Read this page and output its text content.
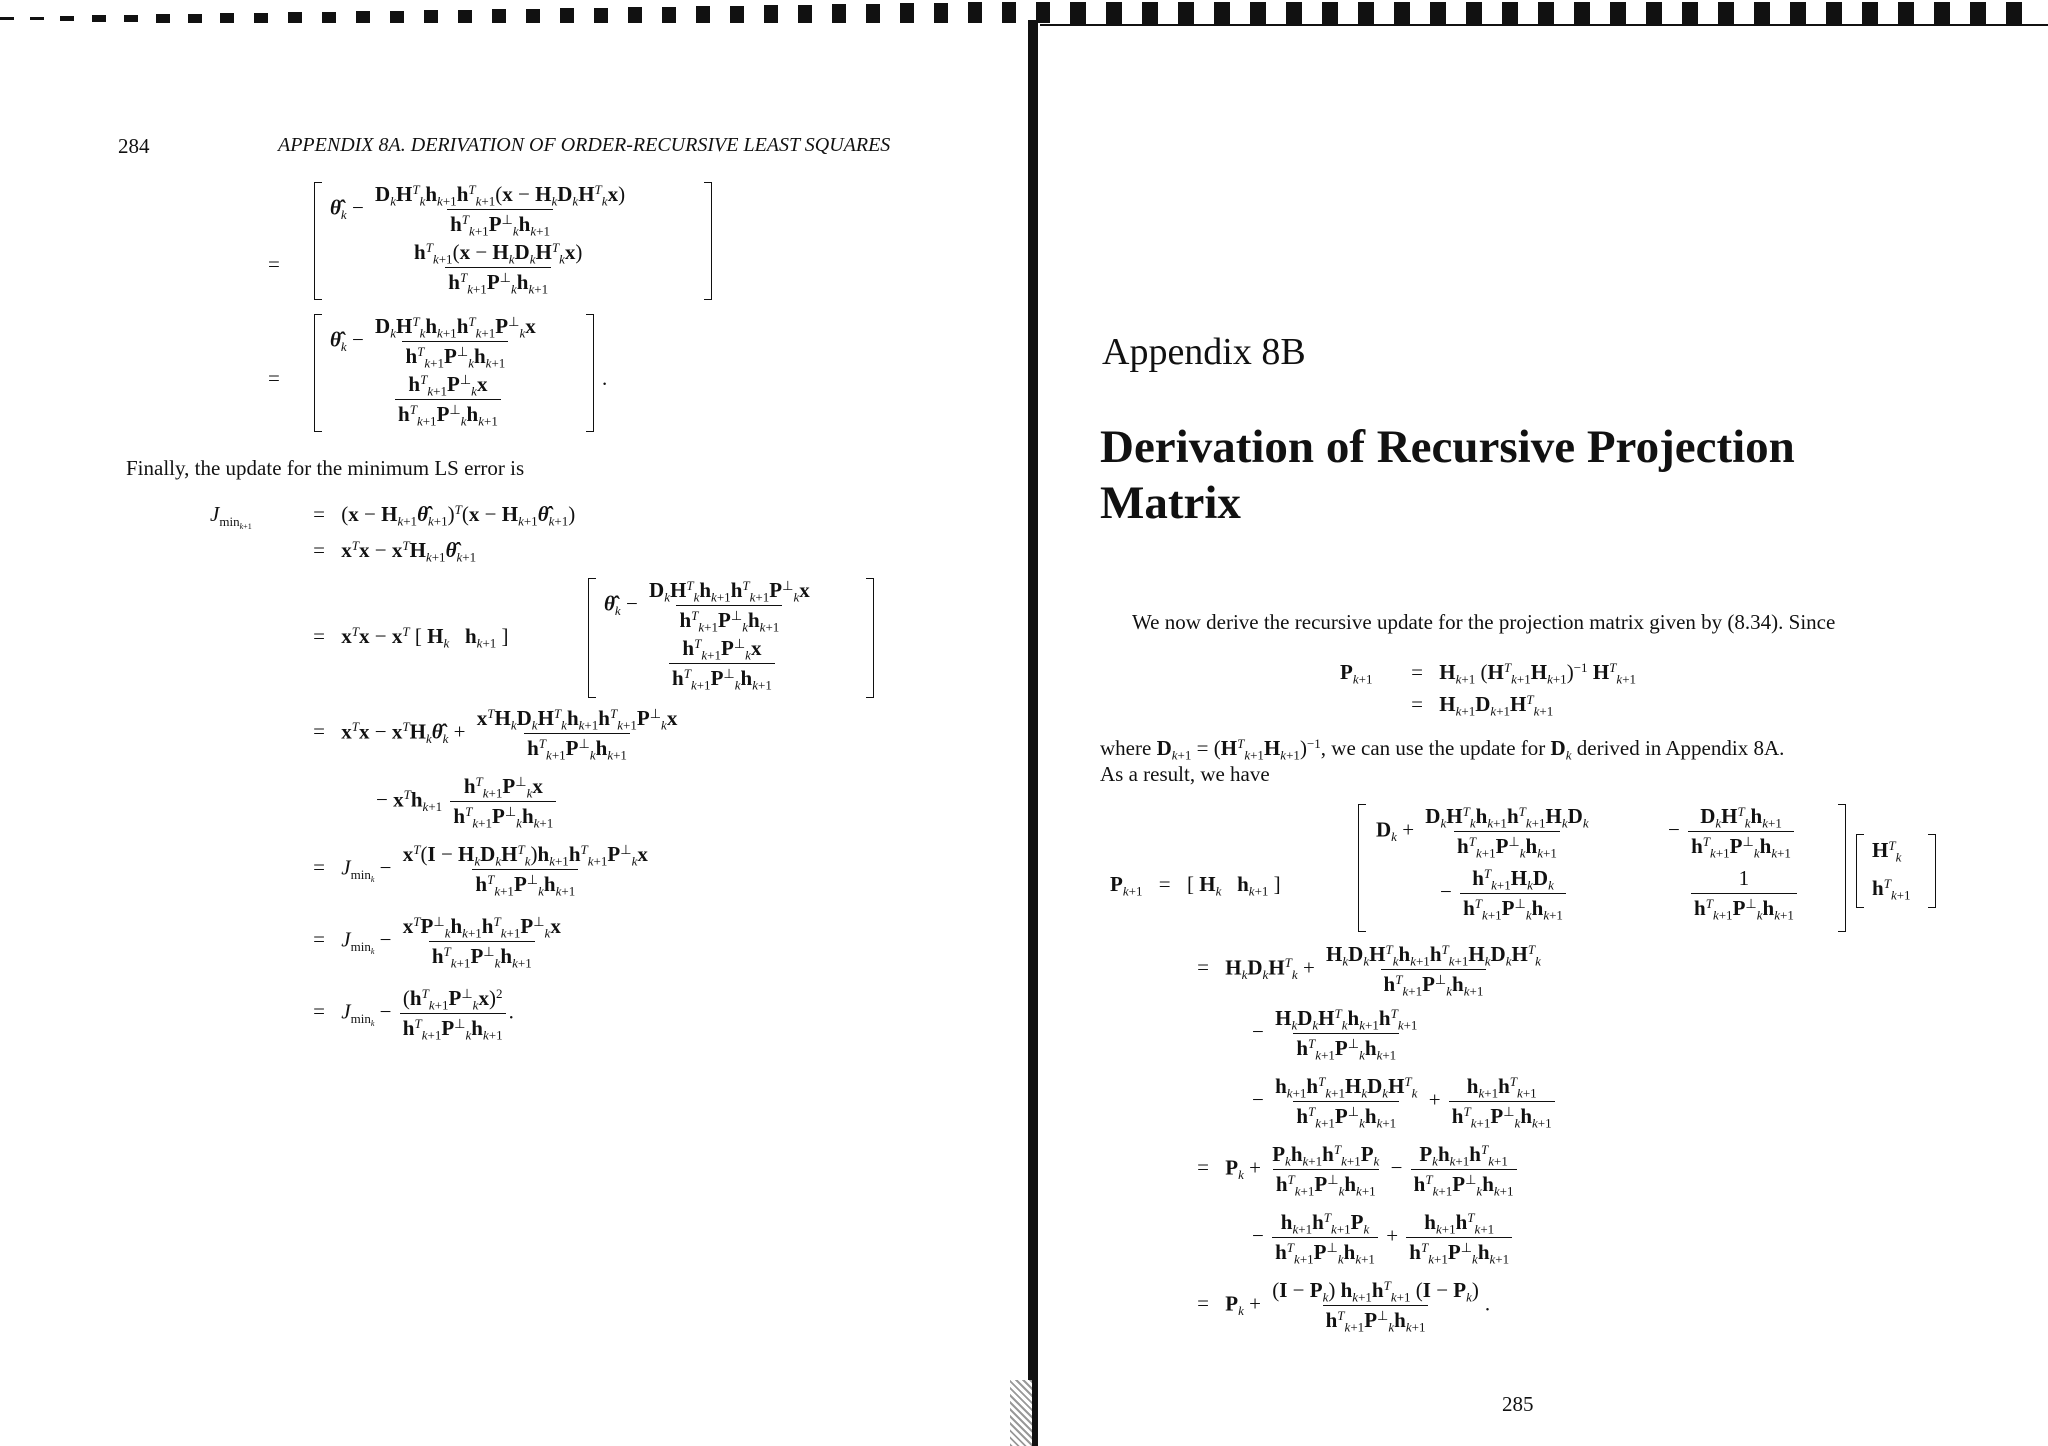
284	APPENDIX 8A. DERIVATION OF ORDER-RECURSIVE LEAST SQUARES
=
$\thetâ_k - \frac{D_kH^T_kh_{k+1}h^T_{k+1}(x - H_kD_kH^T_kx)}{h^T_{k+1}P^\perp_kh_{k+1}}$
$\frac{h^T_{k+1}(x - H_kD_kH^T_kx)}{h^T_{k+1}P^\perp_kh_{k+1}}$
=
$\thetâ_k - \frac{D_kH^T_kh_{k+1}h^T_{k+1}P^\perp_kx}{h^T_{k+1}P^\perp_kh_{k+1}}$
$\frac{h^T_{k+1}P^\perp_kx}{h^T_{k+1}P^\perp_kh_{k+1}}$	.
Finally, the update for the minimum LS error is
$J_{min_{k+1}}$	= $(x - H_{k+1}\thetâ_{k+1})^T(x$ − $H_{k+1}\thetâ_{k+1}$)
= $x^Tx$ − $x^TH_{k+1}\thetâ_{k+1}$
= $x^Tx - x^T$ [ $H_k$ $h_{k+1}$ ]
$\thetâ_k - \frac{D_kH^T_kh_{k+1}h^T_{k+1}P^\perp_kx}{h^T_{k+1}P^\perp_kh_{k+1}}$
$\frac{h^T_{k+1}P^\perp_kx}{h^T_{k+1}P^\perp_kh_{k+1}}$
= $x^Tx$ − $x^TH_k\thetâ_k + \frac{x^TH_kD_kH^T_kh_{k+1}h^T_{k+1}P^\perp_kx}{h^T_{k+1}P^\perp_kh_{k+1}}$
− $x^Th_{k+1} \frac{h^T_{k+1}P^\perp_kx}{h^T_{k+1}P^\perp_kh_{k+1}}$
= $J_{min_k} - \frac{x^T(I - H_kD_kH^T_k)h_{k+1}h^T_{k+1}P^\perp_kx}{h^T_{k+1}P^\perp_kh_{k+1}}$
= $J_{min_k} - \frac{x^TP^\perp_kh_{k+1}h^T_{k+1}P^\perp_kx}{h^T_{k+1}P^\perp_kh_{k+1}}$
= $J_{min_k} - \frac{(h^T_{k+1}P^\perp_kx)^2}{h^T_{k+1}P^\perp_kh_{k+1}}$ .
Appendix 8B
Derivation of Recursive Projection
Matrix
We now derive the recursive update for the projection matrix given by (8.34). Since
$P_{k+1}$	= $H_{k+1}$ $(H^T_{k+1}H_{k+1})^{-1}$ $H^T_{k+1}$
= $H_{k+1}D_{k+1}H^T_{k+1}$
where $D_{k+1} = (H^T_{k+1}H_{k+1})^{-1}$, we can use the update for $D_k$ derived in Appendix 8A.
As a result, we have
$P_{k+1}$ = [ $H_k$ $h_{k+1}$ ]
$D_k + \frac{D_kH^T_kh_{k+1}h^T_{k+1}H_kD_k}{h^T_{k+1}P^\perp_kh_{k+1}}$	− $\frac{D_kH^T_kh_{k+1}}{h^T_{k+1}P^\perp_kh_{k+1}}$
− $\frac{h^T_{k+1}H_kD_k}{h^T_{k+1}P^\perp_kh_{k+1}}$	$\frac{1}{h^T_{k+1}P^\perp_kh_{k+1}}$
$H^T_k$
$h^T_{k+1}$
= $H_kD_kH^T_k + \frac{H_kD_kH^T_kh_{k+1}h^T_{k+1}H_kD_kH^T_k}{h^T_{k+1}P^\perp_kh_{k+1}}$
− $\frac{H_kD_kH^T_kh_{k+1}h^T_{k+1}}{h^T_{k+1}P^\perp_kh_{k+1}}$
− $\frac{h_{k+1}h^T_{k+1}H_kD_kH^T_k}{h^T_{k+1}P^\perp_kh_{k+1}} + \frac{h_{k+1}h^T_{k+1}}{h^T_{k+1}P^\perp_kh_{k+1}}$
= $P_k + \frac{P_kh_{k+1}h^T_{k+1}P_k}{h^T_{k+1}P^\perp_kh_{k+1}} - \frac{P_kh_{k+1}h^T_{k+1}}{h^T_{k+1}P^\perp_kh_{k+1}}$
− $\frac{h_{k+1}h^T_{k+1}P_k}{h^T_{k+1}P^\perp_kh_{k+1}} + \frac{h_{k+1}h^T_{k+1}}{h^T_{k+1}P^\perp_kh_{k+1}}$
= $P_k + \frac{(I - P_k) h_{k+1}h^T_{k+1} (I - P_k)}{h^T_{k+1}P^\perp_kh_{k+1}}$ .
285
